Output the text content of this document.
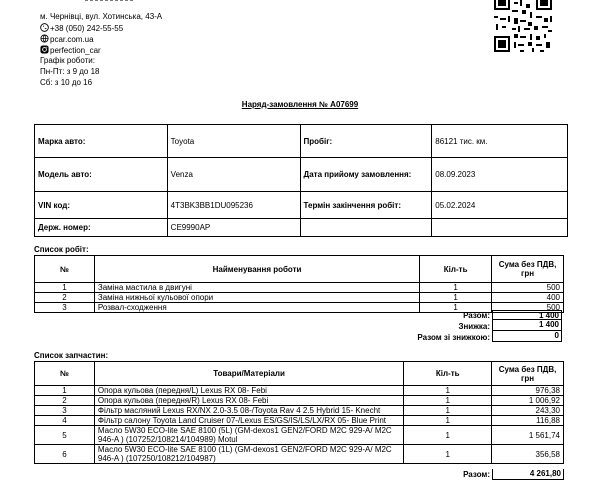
м. Чернівці, вул. Хотинська, 43-А
+38 (050) 242-55-55
pcar.com.ua
perfection_car
Графік роботи:
Пн-Пт: з 9 до 18
Сб: з 10 до 16
Наряд-замовлення № А07699
Марка авто:	Toyota	Пробіг:	86121 тис. км.
Модель авто:	Venza	Дата прийому замовлення:	08.09.2023
VIN код:	4T3BK3BB1DU095236	Термін закінчення робіт:	05.02.2024
Держ. номер:	СЕ9990АР		
Список робіт:
№	Найменування роботи	Кіл-ть	Сума без ПДВ, грн
1	Заміна мастила в двигуні	1	500
2	Заміна нижньої кульової опори	1	400
3	Розвал-сходження	1	500
Разом:	1 400
Знижка:	1 400
Разом зі знижкою:	0
Список запчастин:
№	Товари/Матеріали	Кіл-ть	Сума без ПДВ, грн
1	Опора кульова (передня/L) Lexus RX 08- Febi	1	976,38
2	Опора кульова (передня/R) Lexus RX 08- Febi	1	1 006,92
3	Фільтр масляний Lexus RX/NX 2.0-3.5 08-/Toyota Rav 4 2.5 Hybrid 15- Knecht	1	243,30
4	Фільтр салону Toyota Land Cruiser 07-/Lexus ES/GS/IS/LS/LX/RX 05- Blue Print	1	116,88
5	Масло 5W30 ECO-lite SAE 8100 (5L) (GM-dexos1 GEN2/FORD M2C 929-A/ M2C 946-A ) (107252/108214/104989) Motul	1	1 561,74
6	Масло 5W30 ECO-lite SAE 8100 (1L) (GM-dexos1 GEN2/FORD M2C 929-A/ M2C 946-A ) (107250/108212/104987)	1	356,58
Разом:	4 261,80
